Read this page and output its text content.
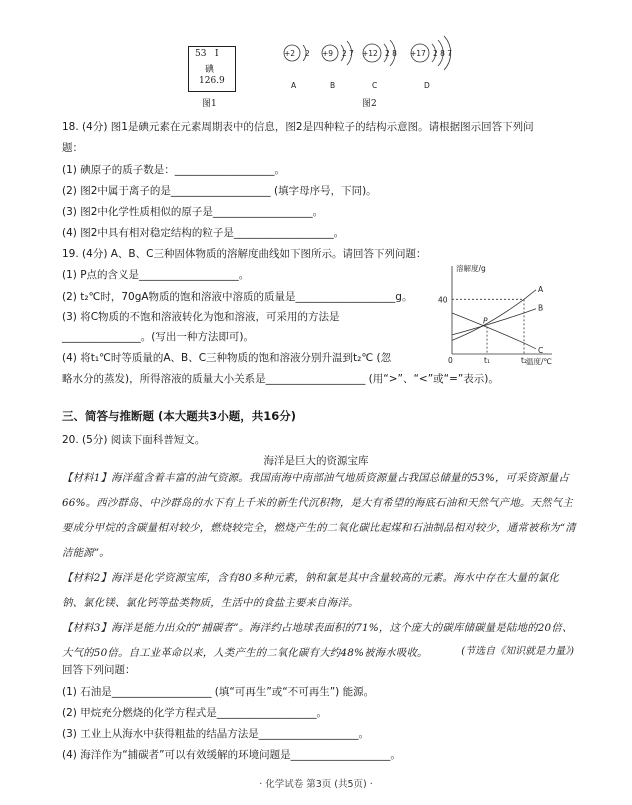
53 I
碘
126.9
图1
+2 2 +9 2 7 +12 2 8 +17 2 8 7
A	B	C	D
图2
18. (4分) 图1是碘元素在元素周期表中的信息，图2是四种粒子的结构示意图。请根据图示回答下列问
题：
(1) 碘原子的质子数是：___________________。
(2) 图2中属于离子的是___________________ (填字母序号，下同)。
(3) 图2中化学性质相似的原子是___________________。
(4) 图2中具有相对稳定结构的粒子是___________________。
19. (4分) A、B、C三种固体物质的溶解度曲线如下图所示。请回答下列问题：
(1) P点的含义是___________________。
(2) t₂℃时，70gA物质的饱和溶液中溶质的质量是___________________g。
(3) 将C物质的不饱和溶液转化为饱和溶液，可采用的方法是
_______________。(写出一种方法即可)。
(4) 将t₁℃时等质量的A、B、C三种物质的饱和溶液分别升温到t₂℃ (忽
略水分的蒸发)，所得溶液的质量大小关系是___________________ (用“>”、“<”或“=”表示)。
溶解度/g
温度/℃
40
0	t₁	t₂
A
B
C
P
三、简答与推断题 (本大题共3小题，共16分)
20. (5分) 阅读下面科普短文。
海洋是巨大的资源宝库
【材料1】海洋蕴含着丰富的油气资源。我国南海中南部油气地质资源量占我国总储量的53%，可采资源量占66%。西沙群岛、中沙群岛的水下有上千米的新生代沉积物，是大有希望的海底石油和天然气产地。天然气主要成分甲烷的含碳量相对较少，燃烧较完全，燃烧产生的二氧化碳比起煤和石油制品相对较少，通常被称为“清洁能源”。
【材料2】海洋是化学资源宝库，含有80多种元素，钠和氯是其中含量较高的元素。海水中存在大量的氯化钠、氯化镁、氯化钙等盐类物质，生活中的食盐主要来自海洋。
【材料3】海洋是能力出众的“捕碳者”。海洋约占地球表面积的71%，这个庞大的碳库储碳量是陆地的20倍、大气的50倍。自工业革命以来，人类产生的二氧化碳有大约48%被海水吸收。	(节选自《知识就是力量》)
回答下列问题：
(1) 石油是___________________ (填“可再生”或“不可再生”) 能源。
(2) 甲烷充分燃烧的化学方程式是___________________。
(3) 工业上从海水中获得粗盐的结晶方法是___________________。
(4) 海洋作为“捕碳者”可以有效缓解的环境问题是___________________。
· 化学试卷 第3页 (共5页) ·
